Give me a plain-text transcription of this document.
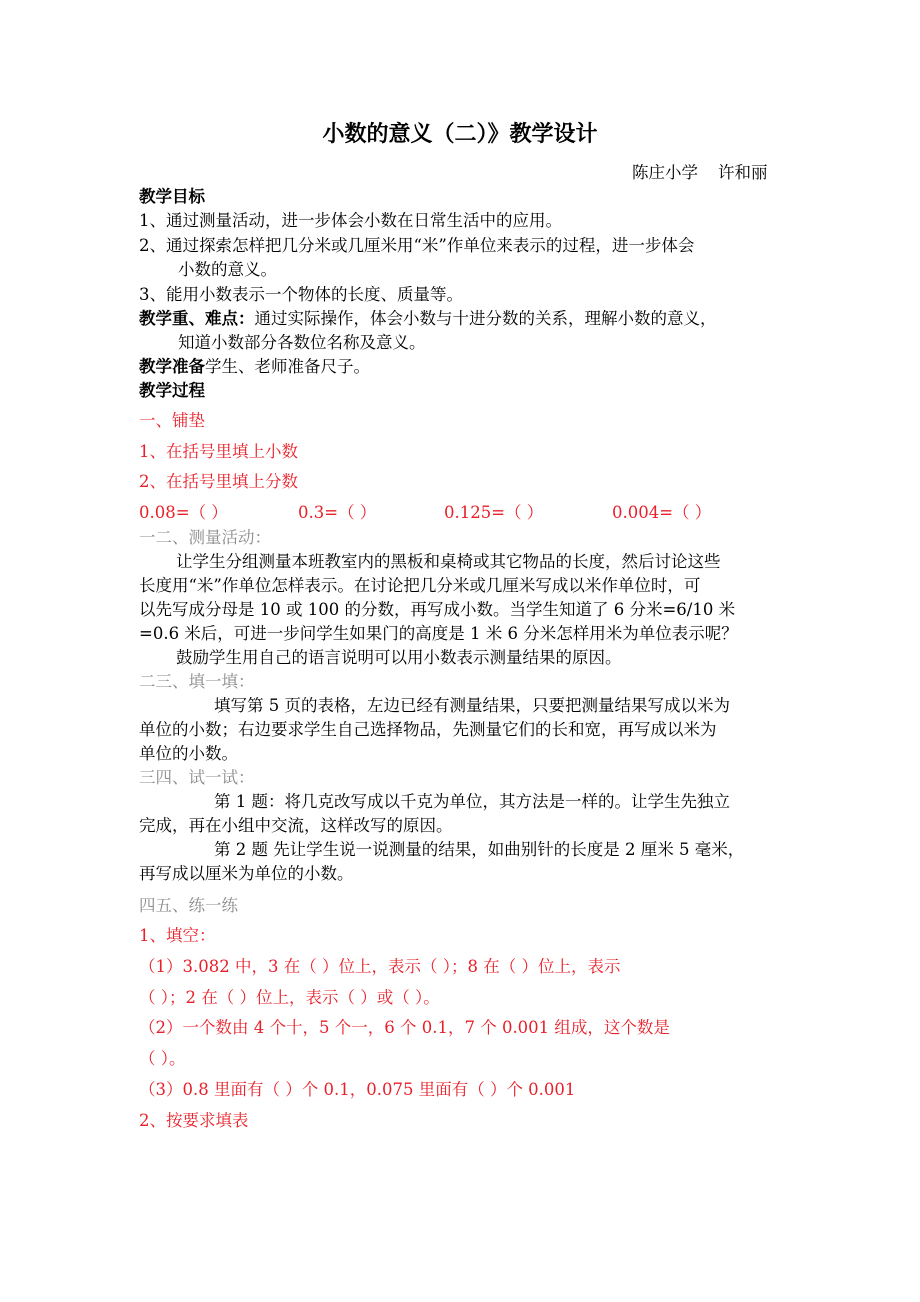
小数的意义（二）》教学设计
陈庄小学 许和丽
教学目标
1、通过测量活动，进一步体会小数在日常生活中的应用。
2、通过探索怎样把几分米或几厘米用“米”作单位来表示的过程，进一步体会
小数的意义。
3、能用小数表示一个物体的长度、质量等。
教学重、难点：通过实际操作，体会小数与十进分数的关系，理解小数的意义，
知道小数部分各数位名称及意义。
教学准备学生、老师准备尺子。
教学过程
一、铺垫
1、在括号里填上小数
2、在括号里填上分数
0.08=（ ）	0.3=（ ）	0.125=（ ）	0.004=（ ）
一二、测量活动：
让学生分组测量本班教室内的黑板和桌椅或其它物品的长度，然后讨论这些
长度用“米”作单位怎样表示。在讨论把几分米或几厘米写成以米作单位时，可
以先写成分母是 10 或 100 的分数，再写成小数。当学生知道了 6 分米=6/10 米
=0.6 米后，可进一步问学生如果门的高度是 1 米 6 分米怎样用米为单位表示呢？
鼓励学生用自己的语言说明可以用小数表示测量结果的原因。
二三、填一填：
填写第 5 页的表格，左边已经有测量结果，只要把测量结果写成以米为
单位的小数；右边要求学生自己选择物品，先测量它们的长和宽，再写成以米为
单位的小数。
三四、试一试：
第 1 题：将几克改写成以千克为单位，其方法是一样的。让学生先独立
完成，再在小组中交流，这样改写的原因。
第 2 题 先让学生说一说测量的结果，如曲别针的长度是 2 厘米 5 毫米，
再写成以厘米为单位的小数。
四五、练一练
1、填空：
（1）3.082 中，3 在（ ）位上，表示（ ）；8 在（ ）位上，表示
（ ）；2 在（ ）位上，表示（ ）或（ ）。
（2）一个数由 4 个十，5 个一，6 个 0.1，7 个 0.001 组成，这个数是
（ ）。
（3）0.8 里面有（ ）个 0.1，0.075 里面有（ ）个 0.001
2、按要求填表
